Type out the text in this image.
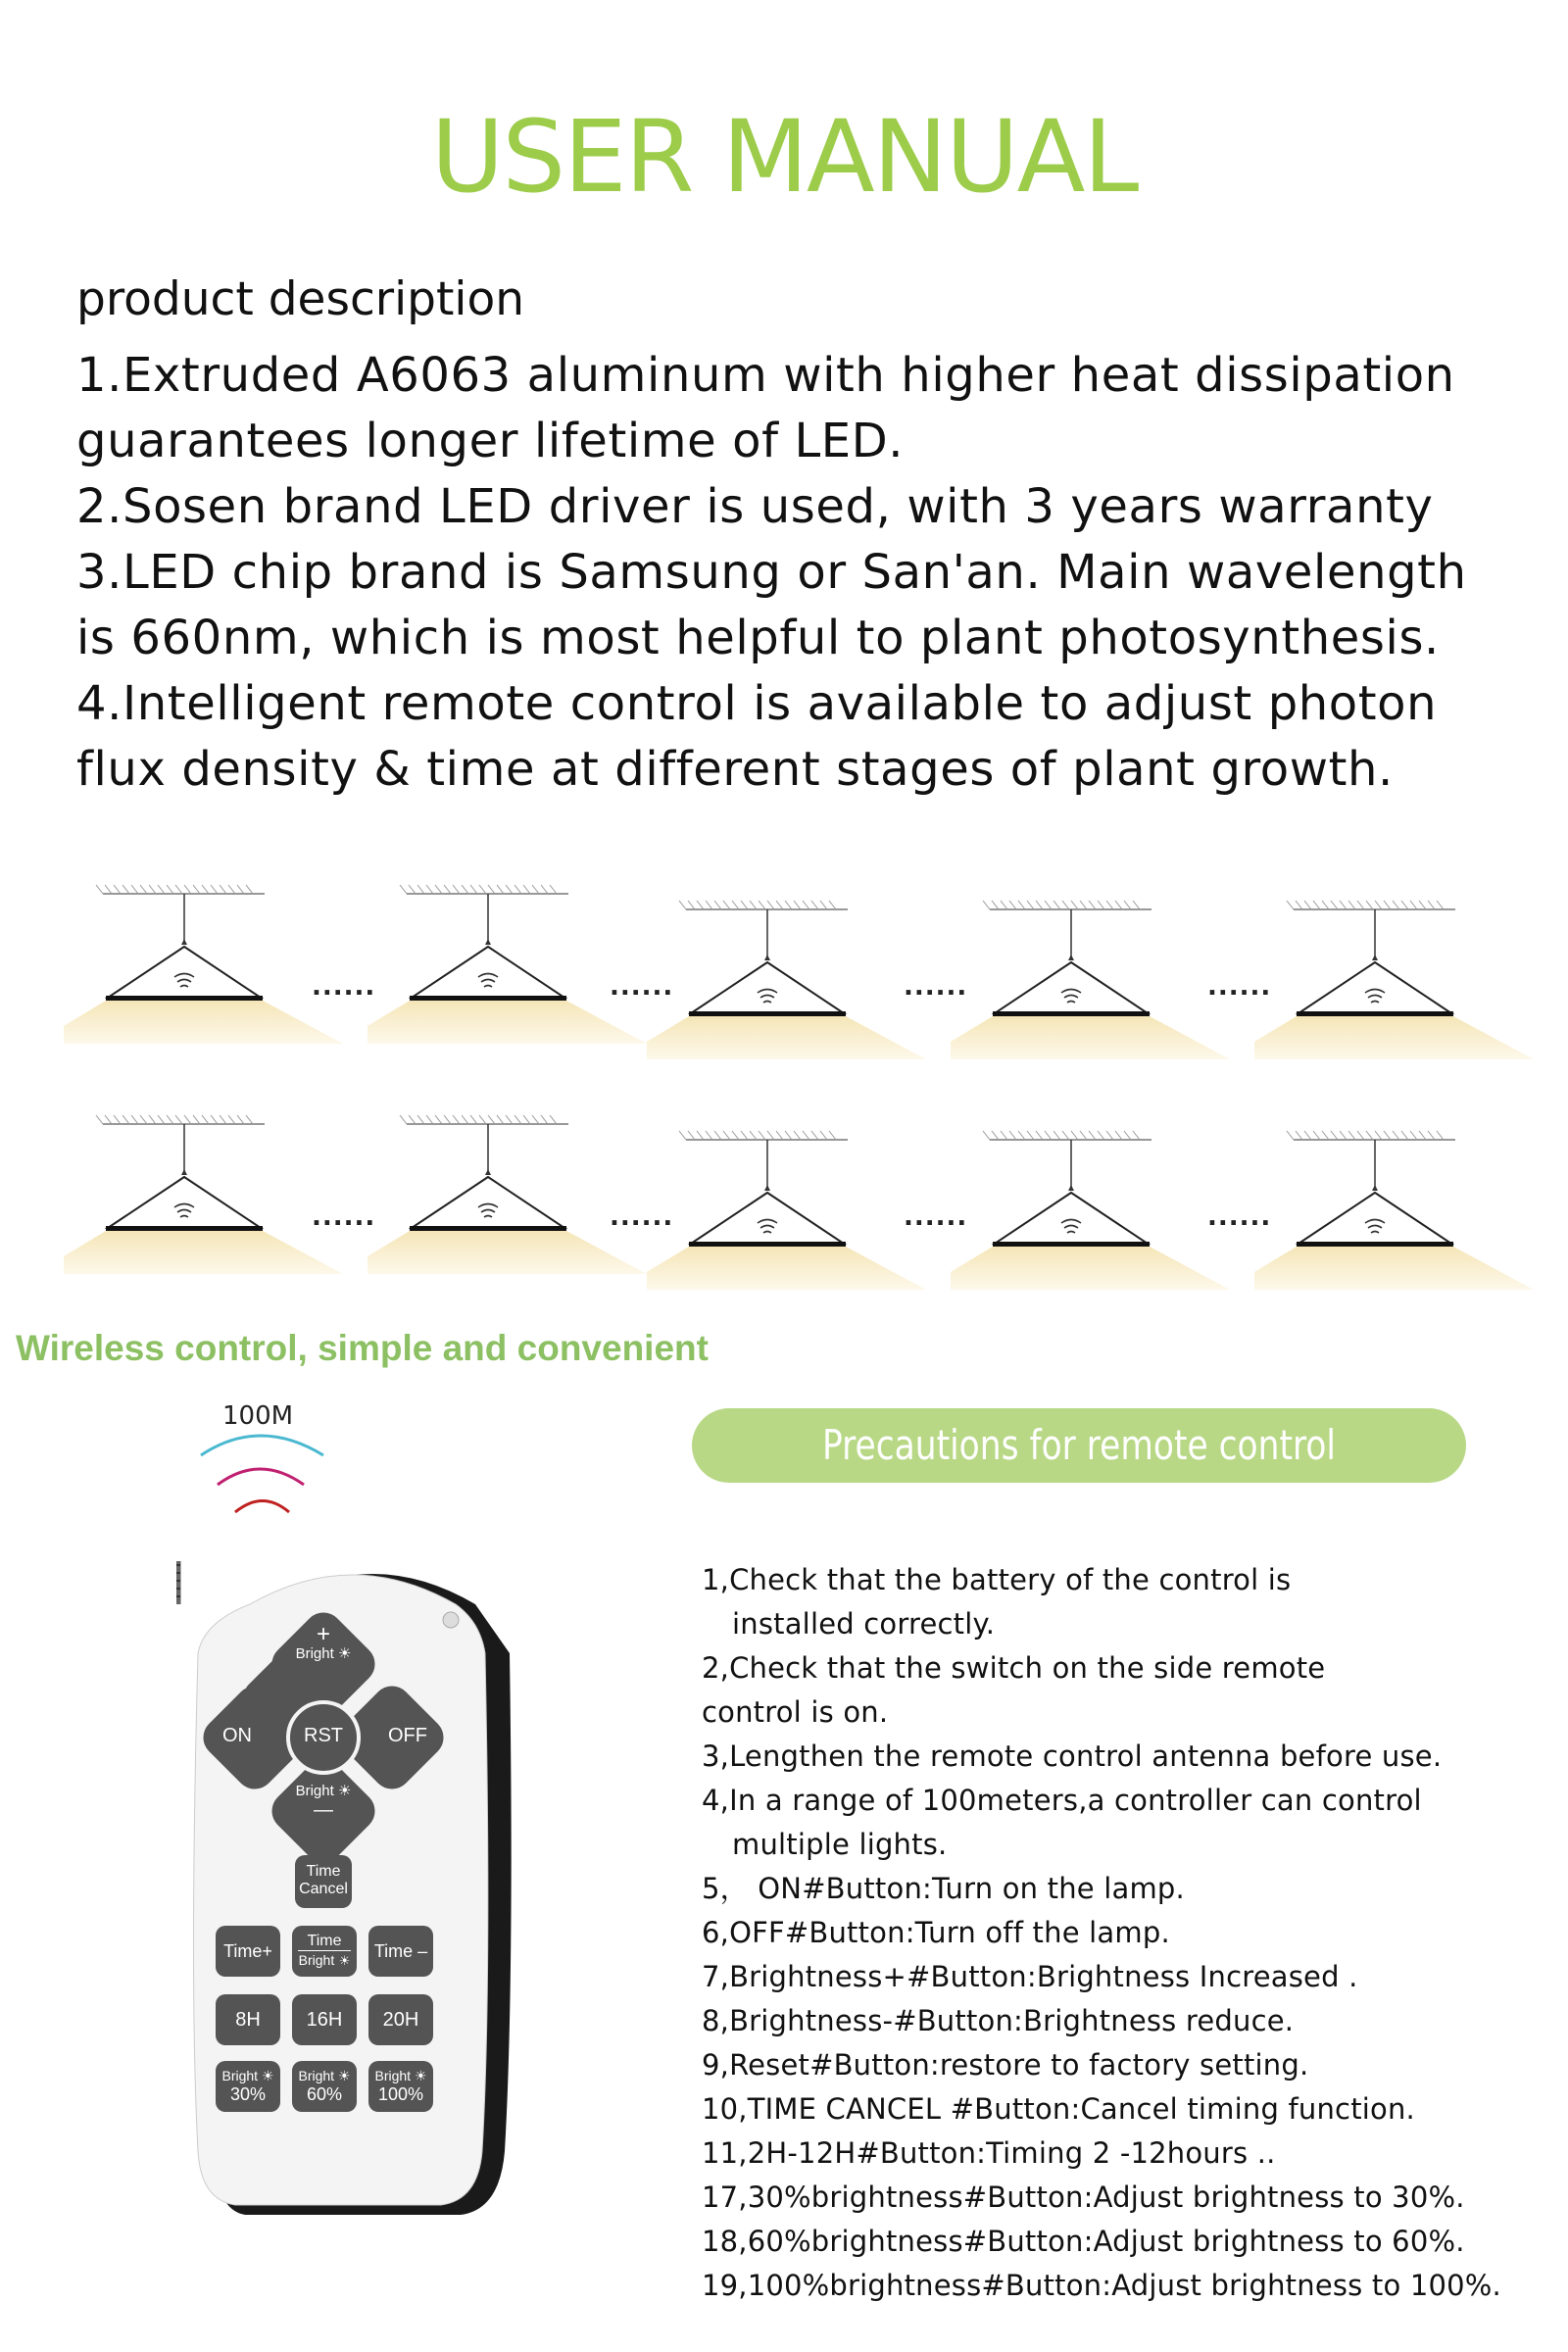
USER MANUAL
product description
1.Extruded A6063 aluminum with higher heat dissipation
guarantees longer lifetime of LED.
2.Sosen brand LED driver is used, with 3 years warranty
3.LED chip brand is Samsung or San'an. Main wavelength
is 660nm, which is most helpful to plant photosynthesis.
4.Intelligent remote control is available to adjust photon
flux density & time at different stages of plant growth.
......	......	......	......
......	......	......	......
Wireless control, simple and convenient
100M
+
Bright ☀
ON	RST	OFF
Bright ☀
—
Time
Cancel
Time+
Time
Bright ☀	Time –
8H	16H	20H
Bright ☀
30%
Bright ☀
60%
Bright ☀
100%
Precautions for remote control
1,Check that the battery of the control is
installed correctly.
2,Check that the switch on the side remote
control is on.
3,Lengthen the remote control antenna before use.
4,In a range of 100meters,a controller can control
multiple lights.
5， ON#Button:Turn on the lamp.
6,OFF#Button:Turn off the lamp.
7,Brightness+#Button:Brightness Increased .
8,Brightness-#Button:Brightness reduce.
9,Reset#Button:restore to factory setting.
10,TIME CANCEL #Button:Cancel timing function.
11,2H-12H#Button:Timing 2 -12hours ..
17,30%brightness#Button:Adjust brightness to 30%.
18,60%brightness#Button:Adjust brightness to 60%.
19,100%brightness#Button:Adjust brightness to 100%.
